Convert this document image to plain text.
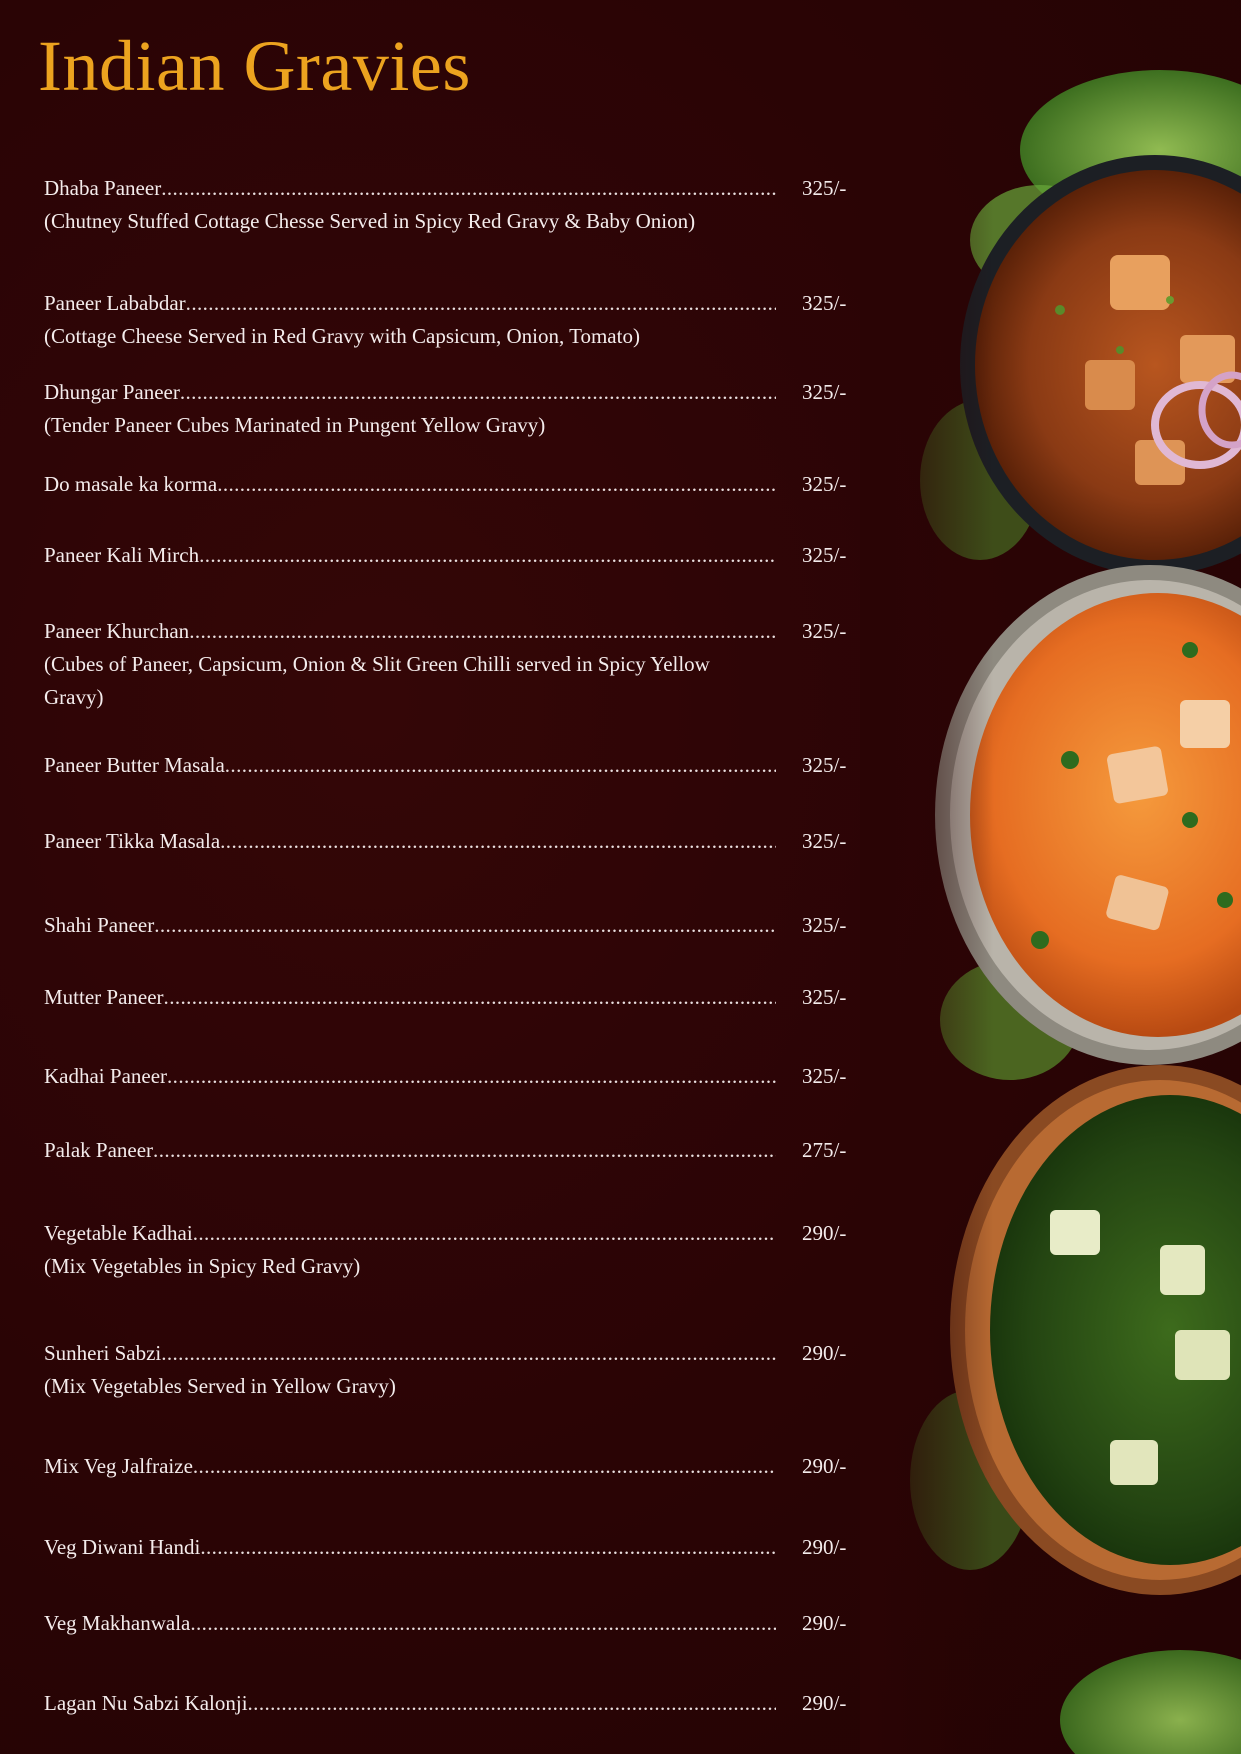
Indian Gravies
Dhaba Paneer .....	325/-
(Chutney Stuffed Cottage Chesse Served in Spicy Red Gravy & Baby Onion)
Paneer Lababdar .....	325/-
(Cottage Cheese Served in Red Gravy with Capsicum, Onion, Tomato)
Dhungar Paneer .....	325/-
(Tender Paneer Cubes Marinated in Pungent Yellow Gravy)
Do masale ka korma .....	325/-
Paneer Kali Mirch .....	325/-
Paneer Khurchan .....	325/-
(Cubes of Paneer, Capsicum, Onion & Slit Green Chilli served in Spicy Yellow Gravy)
Paneer Butter Masala .....	325/-
Paneer Tikka Masala .....	325/-
Shahi Paneer .....	325/-
Mutter Paneer .....	325/-
Kadhai Paneer .....	325/-
Palak Paneer .....	275/-
Vegetable Kadhai .....	290/-
(Mix Vegetables in Spicy Red Gravy)
Sunheri Sabzi .....	290/-
(Mix Vegetables Served in Yellow Gravy)
Mix Veg Jalfraize .....	290/-
Veg Diwani Handi .....	290/-
Veg Makhanwala .....	290/-
Lagan Nu Sabzi Kalonji .....	290/-
